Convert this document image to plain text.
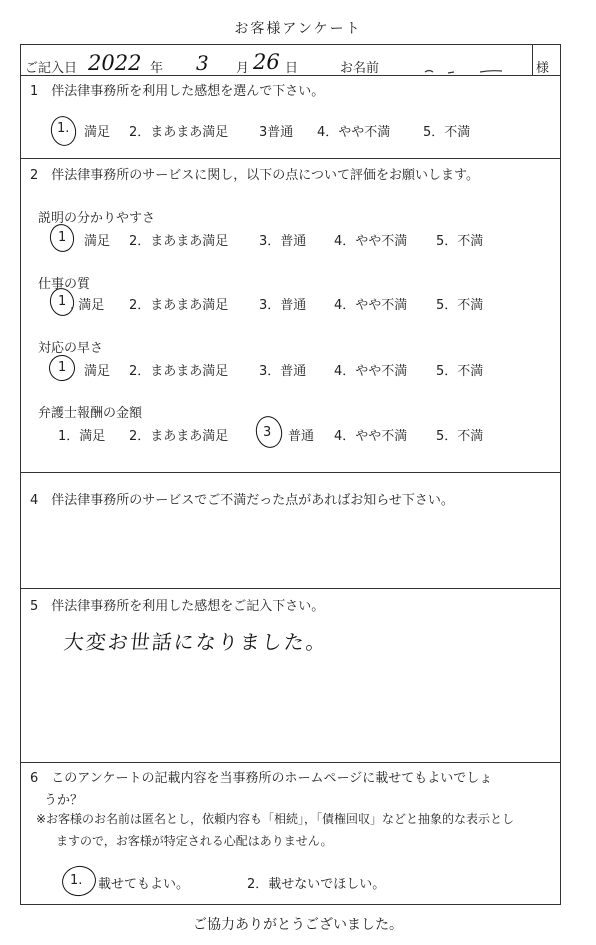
お客様アンケート
ご記入日 2022 年 3 月 26 日	お名前	様
1　伴法律事務所を利用した感想を選んで下さい。
1. 満足 2．まあまあ満足 3普通 4．やや不満	5．不満
2　伴法律事務所のサービスに関し，以下の点について評価をお願いします。
説明の分かりやすさ
1 満足 2．まあまあ満足 3．普通 4．やや不満 5．不満
仕事の質
1 . 満足 2．まあまあ満足 3．普通 4．やや不満 5．不満
対応の早さ
1 満足 2．まあまあ満足 3．普通 4．やや不満 5．不満
弁護士報酬の金額
1．満足 2．まあまあ満足	3 普通 4．やや不満 5．不満
4　伴法律事務所のサービスでご不満だった点があればお知らせ下さい。
5　伴法律事務所を利用した感想をご記入下さい。
大変お世話になりました。
6　このアンケートの記載内容を当事務所のホームページに載せてもよいでしょ
うか？
※お客様のお名前は匿名とし，依頼内容も「相続」，「債権回収」などと抽象的な表示とし
ますので，お客様が特定される心配はありません。
1. 載せてもよい。	2．載せないでほしい。
ご協力ありがとうございました。
